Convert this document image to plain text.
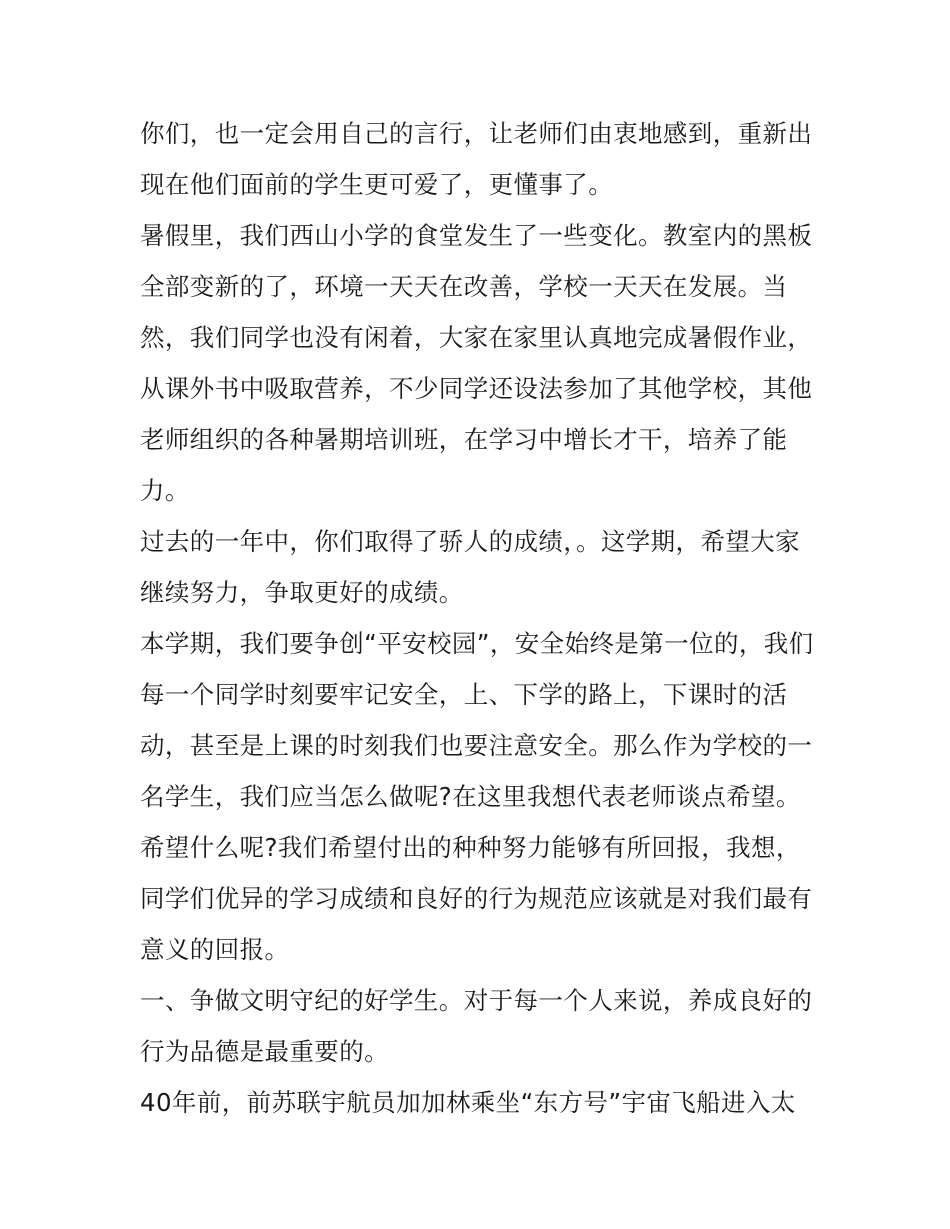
你们，也一定会用自己的言行，让老师们由衷地感到，重新出
现在他们面前的学生更可爱了，更懂事了。
暑假里，我们西山小学的食堂发生了一些变化。教室内的黑板
全部变新的了，环境一天天在改善，学校一天天在发展。当
然，我们同学也没有闲着，大家在家里认真地完成暑假作业，
从课外书中吸取营养，不少同学还设法参加了其他学校，其他
老师组织的各种暑期培训班，在学习中增长才干，培养了能
力。
过去的一年中，你们取得了骄人的成绩，。这学期，希望大家
继续努力，争取更好的成绩。
本学期，我们要争创“平安校园”，安全始终是第一位的，我们
每一个同学时刻要牢记安全，上、下学的路上，下课时的活
动，甚至是上课的时刻我们也要注意安全。那么作为学校的一
名学生，我们应当怎么做呢?在这里我想代表老师谈点希望。
希望什么呢?我们希望付出的种种努力能够有所回报，我想，
同学们优异的学习成绩和良好的行为规范应该就是对我们最有
意义的回报。
一、争做文明守纪的好学生。对于每一个人来说，养成良好的
行为品德是最重要的。
40年前，前苏联宇航员加加林乘坐“东方号”宇宙飞船进入太
